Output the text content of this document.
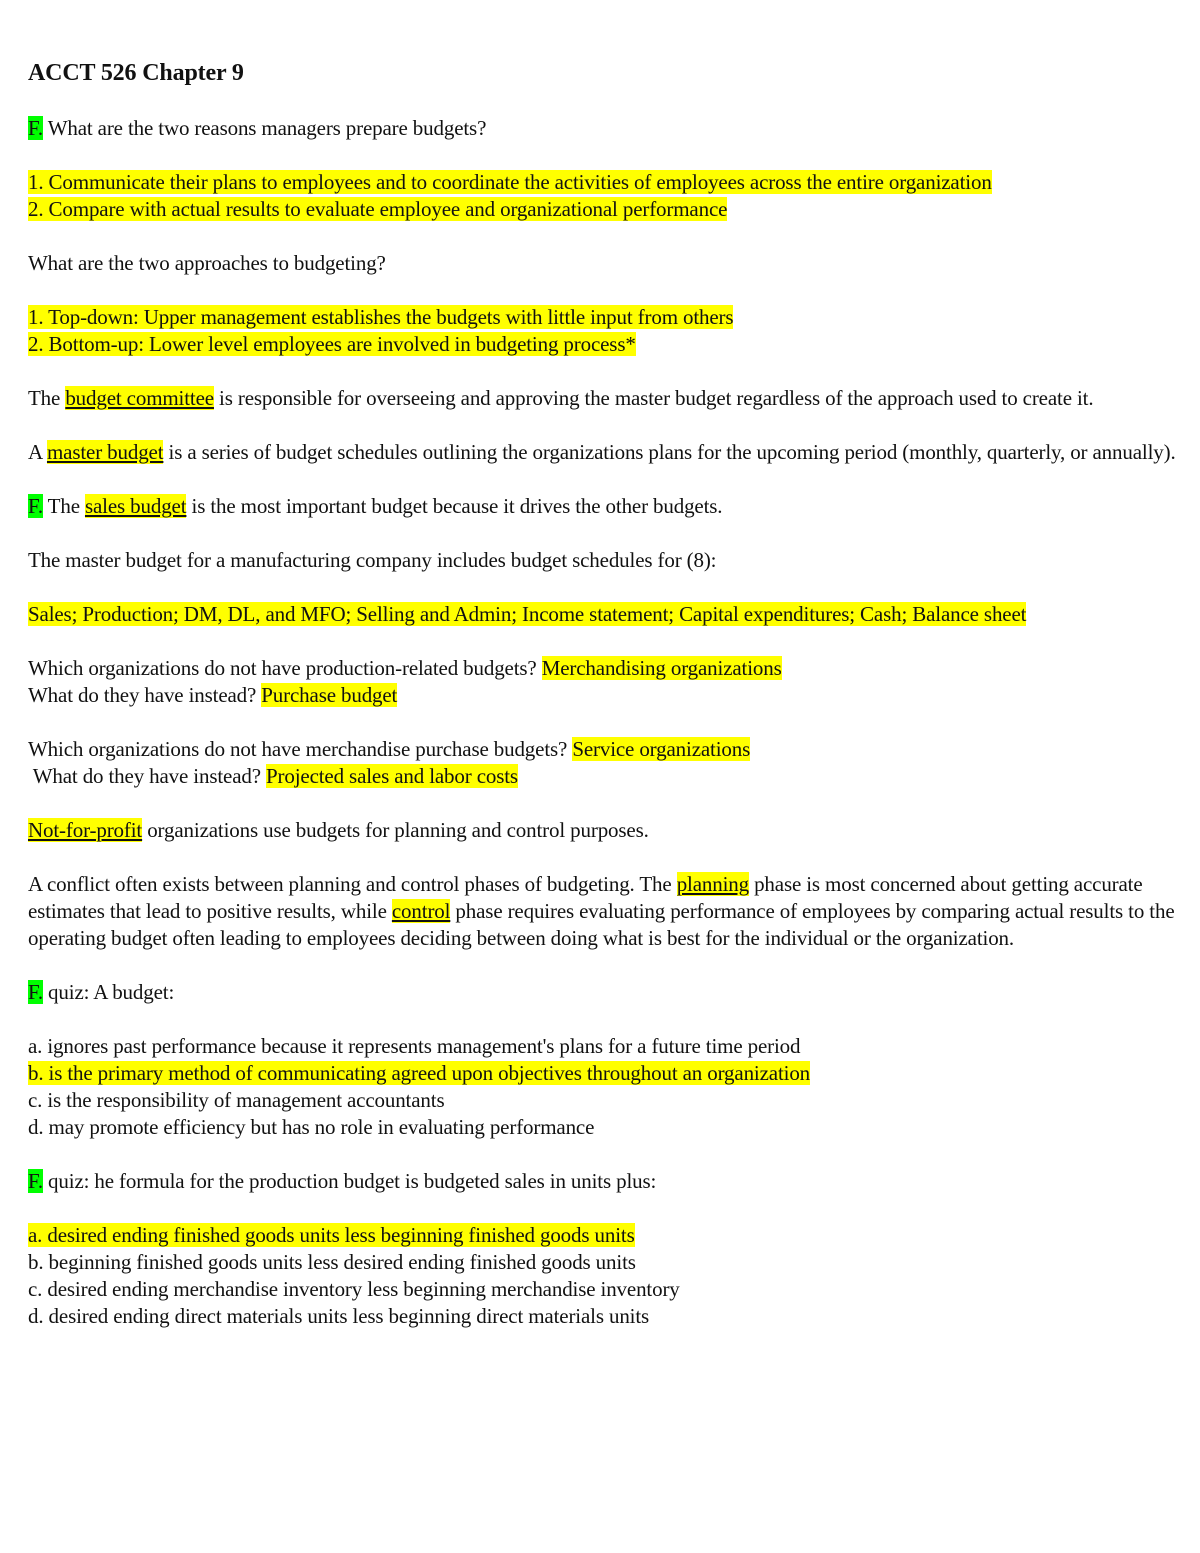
ACCT 526 Chapter 9

F. What are the two reasons managers prepare budgets?

1. Communicate their plans to employees and to coordinate the activities of employees across the entire organization

2. Compare with actual results to evaluate employee and organizational performance

What are the two approaches to budgeting?

1. Top-down: Upper management establishes the budgets with little input from others

2. Bottom-up: Lower level employees are involved in budgeting process*

The budget committee is responsible for overseeing and approving the master budget regardless of the approach used to create it.

A master budget is a series of budget schedules outlining the organizations plans for the upcoming period (monthly, quarterly, or annually).

F. The sales budget is the most important budget because it drives the other budgets.

The master budget for a manufacturing company includes budget schedules for (8):

Sales; Production; DM, DL, and MFO; Selling and Admin; Income statement; Capital expenditures; Cash; Balance sheet

Which organizations do not have production-related budgets? Merchandising organizations

What do they have instead? Purchase budget

Which organizations do not have merchandise purchase budgets? Service organizations

What do they have instead? Projected sales and labor costs

Not-for-profit organizations use budgets for planning and control purposes.

A conflict often exists between planning and control phases of budgeting. The planning phase is most concerned about getting accurate estimates that lead to positive results, while control phase requires evaluating performance of employees by comparing actual results to the operating budget often leading to employees deciding between doing what is best for the individual or the organization.

F. quiz: A budget:

a. ignores past performance because it represents management's plans for a future time period

b. is the primary method of communicating agreed upon objectives throughout an organization

c. is the responsibility of management accountants

d. may promote efficiency but has no role in evaluating performance

F. quiz: he formula for the production budget is budgeted sales in units plus:

a. desired ending finished goods units less beginning finished goods units

b. beginning finished goods units less desired ending finished goods units

c. desired ending merchandise inventory less beginning merchandise inventory

d. desired ending direct materials units less beginning direct materials units
